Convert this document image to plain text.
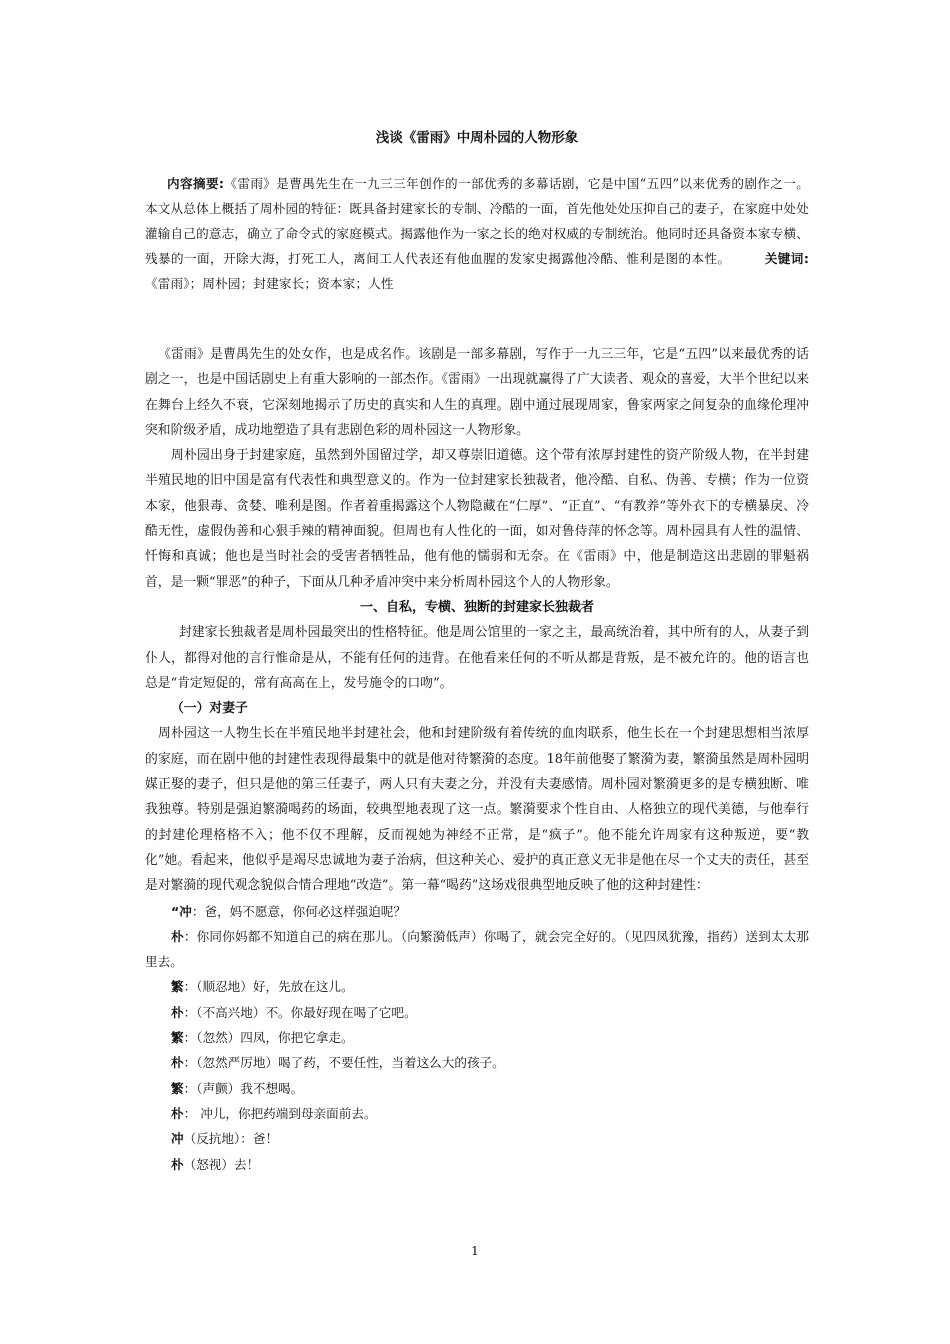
浅谈《雷雨》中周朴园的人物形象
内容摘要:《雷雨》是曹禺先生在一九三三年创作的一部优秀的多幕话剧，它是中国“五四”以来优秀的剧作之一。本文从总体上概括了周朴园的特征：既具备封建家长的专制、冷酷的一面，首先他处处压抑自己的妻子，在家庭中处处灌输自己的意志，确立了命令式的家庭模式。揭露他作为一家之长的绝对权威的专制统治。他同时还具备资本家专横、残暴的一面，开除大海，打死工人，离间工人代表还有他血腥的发家史揭露他冷酷、惟利是图的本性。	关键词:《雷雨》；周朴园；封建家长；资本家；人性

《雷雨》是曹禺先生的处女作，也是成名作。该剧是一部多幕剧，写作于一九三三年，它是“五四”以来最优秀的话剧之一，也是中国话剧史上有重大影响的一部杰作。《雷雨》一出现就赢得了广大读者、观众的喜爱，大半个世纪以来在舞台上经久不衰，它深刻地揭示了历史的真实和人生的真理。剧中通过展现周家，鲁家两家之间复杂的血缘伦理冲突和阶级矛盾，成功地塑造了具有悲剧色彩的周朴园这一人物形象。

周朴园出身于封建家庭，虽然到外国留过学，却又尊崇旧道德。这个带有浓厚封建性的资产阶级人物，在半封建半殖民地的旧中国是富有代表性和典型意义的。作为一位封建家长独裁者，他冷酷、自私、伪善、专横；作为一位资本家，他狠毒、贪婪、唯利是图。作者着重揭露这个人物隐藏在“仁厚”、“正直”、“有教养”等外衣下的专横暴戾、冷酷无性，虚假伪善和心狠手辣的精神面貌。但周也有人性化的一面，如对鲁侍萍的怀念等。周朴园具有人性的温情、忏悔和真诚；他也是当时社会的受害者牺牲品，他有他的懦弱和无奈。在《雷雨》中，他是制造这出悲剧的罪魁祸首，是一颗“罪恶”的种子，下面从几种矛盾冲突中来分析周朴园这个人的人物形象。

一、自私，专横、独断的封建家长独裁者

封建家长独裁者是周朴园最突出的性格特征。他是周公馆里的一家之主，最高统治着，其中所有的人，从妻子到仆人，都得对他的言行惟命是从，不能有任何的违背。在他看来任何的不听从都是背叛，是不被允许的。他的语言也总是“肯定短促的，常有高高在上，发号施令的口吻”。

（一）对妻子

周朴园这一人物生长在半殖民地半封建社会，他和封建阶级有着传统的血肉联系，他生长在一个封建思想相当浓厚的家庭，而在剧中他的封建性表现得最集中的就是他对待繁漪的态度。18年前他娶了繁漪为妻，繁漪虽然是周朴园明媒正娶的妻子，但只是他的第三任妻子，两人只有夫妻之分，并没有夫妻感情。周朴园对繁漪更多的是专横独断、唯我独尊。特别是强迫繁漪喝药的场面，较典型地表现了这一点。繁漪要求个性自由、人格独立的现代美德，与他奉行的封建伦理格格不入；他不仅不理解，反而视她为神经不正常，是“疯子”。他不能允许周家有这种叛逆，要“教化”她。看起来，他似乎是竭尽忠诚地为妻子治病，但这种关心、爱护的真正意义无非是他在尽一个丈夫的责任，甚至是对繁漪的现代观念貌似合情合理地“改造”。第一幕“喝药”这场戏很典型地反映了他的这种封建性：

“冲：爸，妈不愿意，你何必这样强迫呢？
朴：你同你妈都不知道自己的病在那儿。（向繁漪低声）你喝了，就会完全好的。（见四凤犹豫，指药）送到太太那里去。
繁：（顺忍地）好，先放在这儿。
朴：（不高兴地）不。你最好现在喝了它吧。
繁：（忽然）四凤，你把它拿走。
朴：（忽然严厉地）喝了药，不要任性，当着这么大的孩子。
繁：（声颤）我不想喝。
朴： 冲儿，你把药端到母亲面前去。
冲（反抗地）：爸！
朴（怒视）去！
1
